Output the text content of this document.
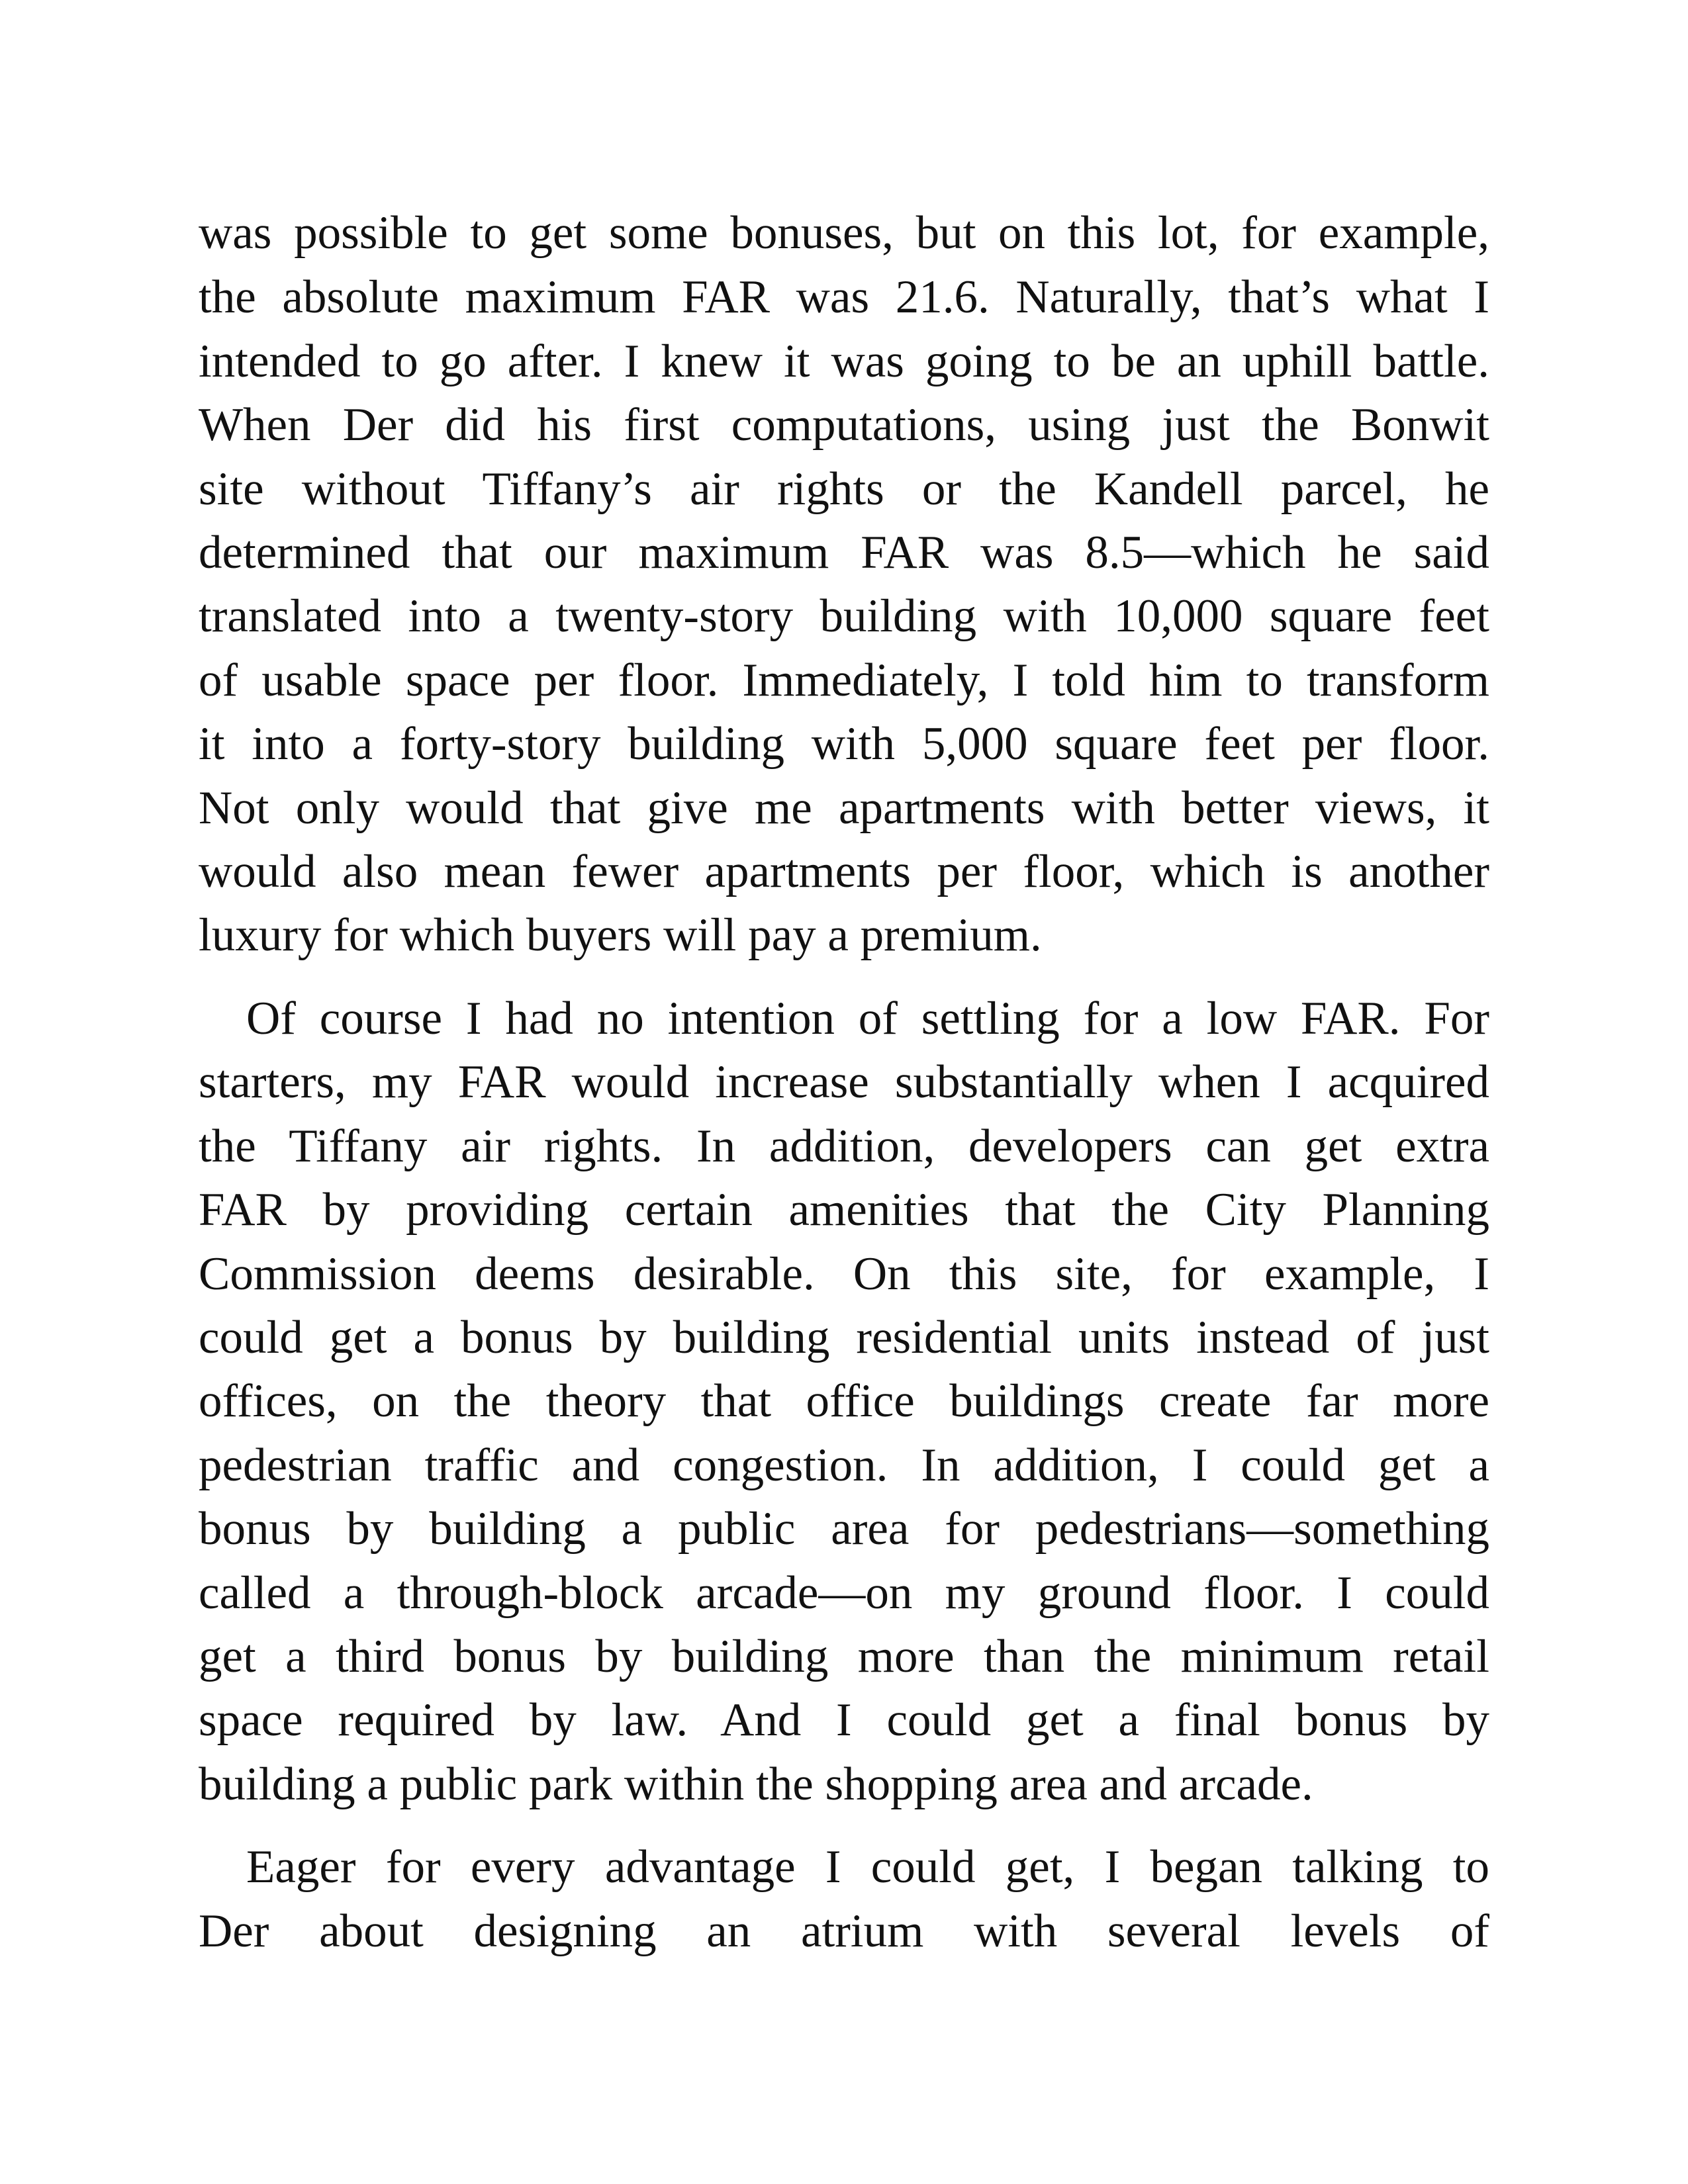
was possible to get some bonuses, but on this lot, for example,
the absolute maximum FAR was 21.6. Naturally, that’s what I
intended to go after. I knew it was going to be an uphill battle.
When Der did his first computations, using just the Bonwit
site without Tiffany’s air rights or the Kandell parcel, he
determined that our maximum FAR was 8.5—which he said
translated into a twenty-story building with 10,000 square feet
of usable space per floor. Immediately, I told him to transform
it into a forty-story building with 5,000 square feet per floor.
Not only would that give me apartments with better views, it
would also mean fewer apartments per floor, which is another
luxury for which buyers will pay a premium.
Of course I had no intention of settling for a low FAR. For
starters, my FAR would increase substantially when I acquired
the Tiffany air rights. In addition, developers can get extra
FAR by providing certain amenities that the City Planning
Commission deems desirable. On this site, for example, I
could get a bonus by building residential units instead of just
offices, on the theory that office buildings create far more
pedestrian traffic and congestion. In addition, I could get a
bonus by building a public area for pedestrians—something
called a through-block arcade—on my ground floor. I could
get a third bonus by building more than the minimum retail
space required by law. And I could get a final bonus by
building a public park within the shopping area and arcade.
Eager for every advantage I could get, I began talking to
Der about designing an atrium with several levels of
